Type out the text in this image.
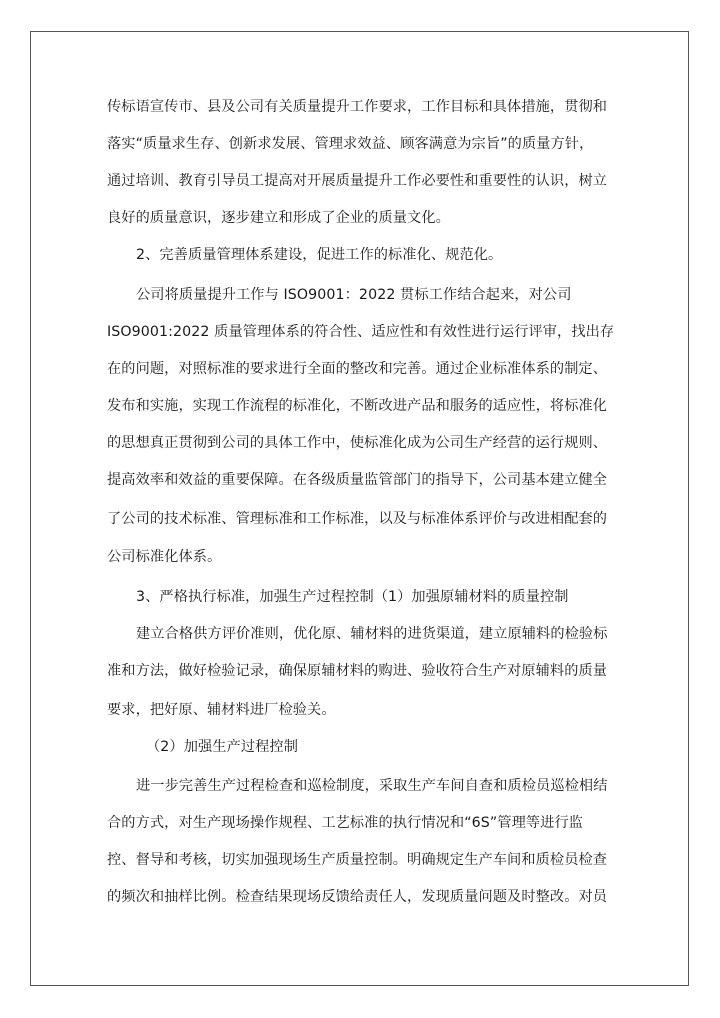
传标语宣传市、县及公司有关质量提升工作要求，工作目标和具体措施，贯彻和
落实“质量求生存、创新求发展、管理求效益、顾客满意为宗旨”的质量方针，
通过培训、教育引导员工提高对开展质量提升工作必要性和重要性的认识，树立
良好的质量意识，逐步建立和形成了企业的质量文化。
2、完善质量管理体系建设，促进工作的标准化、规范化。
公司将质量提升工作与 ISO9001：2022 贯标工作结合起来，对公司
ISO9001:2022 质量管理体系的符合性、适应性和有效性进行运行评审，找出存
在的问题，对照标准的要求进行全面的整改和完善。通过企业标准体系的制定、
发布和实施，实现工作流程的标准化，不断改进产品和服务的适应性，将标准化
的思想真正贯彻到公司的具体工作中，使标准化成为公司生产经营的运行规则、
提高效率和效益的重要保障。在各级质量监管部门的指导下，公司基本建立健全
了公司的技术标准、管理标准和工作标准，以及与标准体系评价与改进相配套的
公司标准化体系。
3、严格执行标准，加强生产过程控制（1）加强原辅材料的质量控制
建立合格供方评价准则，优化原、辅材料的进货渠道，建立原辅料的检验标
准和方法，做好检验记录，确保原辅材料的购进、验收符合生产对原辅料的质量
要求，把好原、辅材料进厂检验关。
（2）加强生产过程控制
进一步完善生产过程检查和巡检制度，采取生产车间自查和质检员巡检相结
合的方式，对生产现场操作规程、工艺标准的执行情况和“6S”管理等进行监
控、督导和考核，切实加强现场生产质量控制。明确规定生产车间和质检员检查
的频次和抽样比例。检查结果现场反馈给责任人，发现质量问题及时整改。对员
